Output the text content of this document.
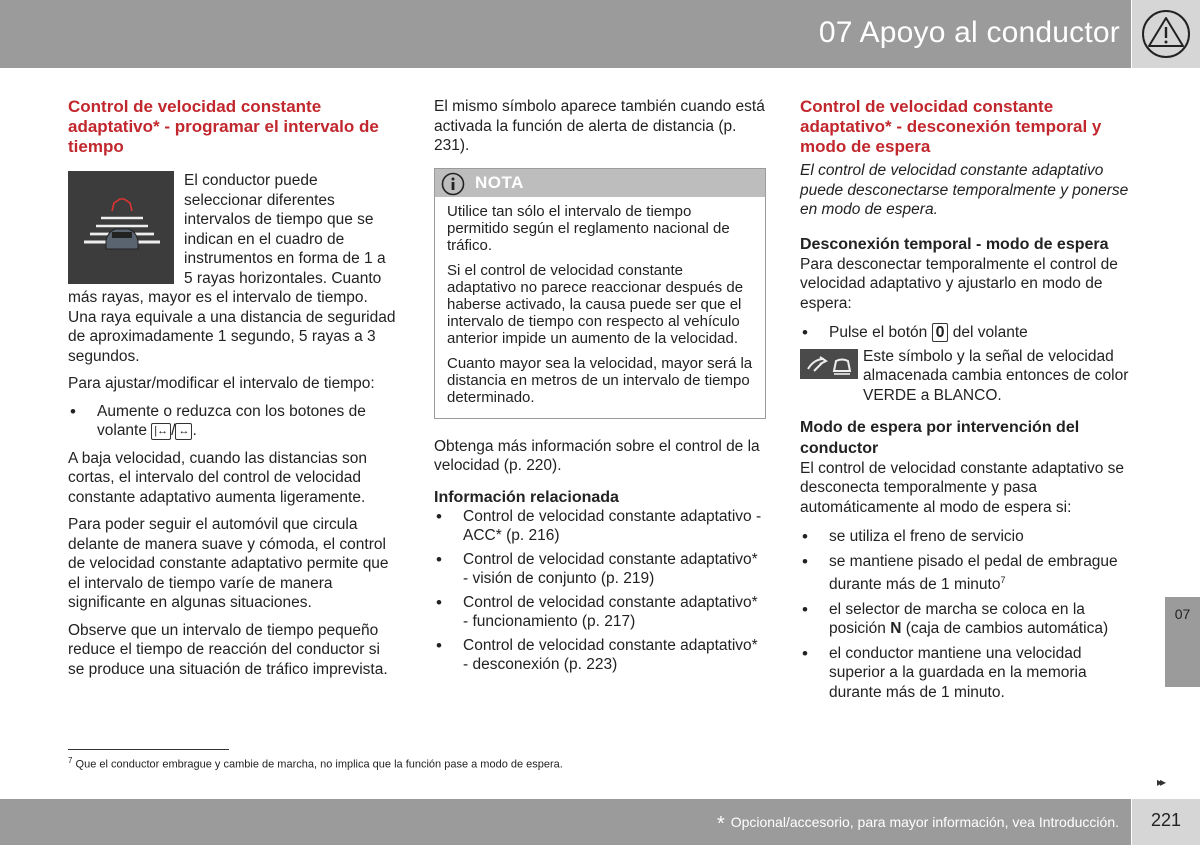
07 Apoyo al conductor
Control de velocidad constante adaptativo* - programar el intervalo de tiempo

El conductor puede seleccionar diferentes intervalos de tiempo que se indican en el cuadro de instrumentos en forma de 1 a 5 rayas horizontales. Cuanto más rayas, mayor es el intervalo de tiempo. Una raya equivale a una distancia de seguridad de aproximadamente 1 segundo, 5 rayas a 3 segundos.

Para ajustar/modificar el intervalo de tiempo:

• Aumente o reduzca con los botones de volante |↔ / ↔ .

A baja velocidad, cuando las distancias son cortas, el intervalo del control de velocidad constante adaptativo aumenta ligeramente.

Para poder seguir el automóvil que circula delante de manera suave y cómoda, el control de velocidad constante adaptativo permite que el intervalo de tiempo varíe de manera significante en algunas situaciones.

Observe que un intervalo de tiempo pequeño reduce el tiempo de reacción del conductor si se produce una situación de tráfico imprevista.

El mismo símbolo aparece también cuando está activada la función de alerta de distancia (p. 231).

NOTA

Utilice tan sólo el intervalo de tiempo permitido según el reglamento nacional de tráfico.

Si el control de velocidad constante adaptativo no parece reaccionar después de haberse activado, la causa puede ser que el intervalo de tiempo con respecto al vehículo anterior impide un aumento de la velocidad.

Cuanto mayor sea la velocidad, mayor será la distancia en metros de un intervalo de tiempo determinado.

Obtenga más información sobre el control de la velocidad (p. 220).

Información relacionada
• Control de velocidad constante adaptativo - ACC* (p. 216)
• Control de velocidad constante adaptativo* - visión de conjunto (p. 219)
• Control de velocidad constante adaptativo* - funcionamiento (p. 217)
• Control de velocidad constante adaptativo* - desconexión (p. 223)
Control de velocidad constante adaptativo* - desconexión temporal y modo de espera

El control de velocidad constante adaptativo puede desconectarse temporalmente y ponerse en modo de espera.

Desconexión temporal - modo de espera

Para desconectar temporalmente el control de velocidad adaptativo y ajustarlo en modo de espera:

• Pulse el botón 0 del volante

Este símbolo y la señal de velocidad almacenada cambia entonces de color VERDE a BLANCO.

Modo de espera por intervención del conductor

El control de velocidad constante adaptativo se desconecta temporalmente y pasa automáticamente al modo de espera si:

• se utiliza el freno de servicio
• se mantiene pisado el pedal de embrague durante más de 1 minuto$^7$
• el selector de marcha se coloca en la posición N (caja de cambios automática)
• el conductor mantiene una velocidad superior a la guardada en la memoria durante más de 1 minuto.
$^7$ Que el conductor embrague y cambie de marcha, no implica que la función pase a modo de espera.
07
▸▸
* Opcional/accesorio, para mayor información, vea Introducción.	221
